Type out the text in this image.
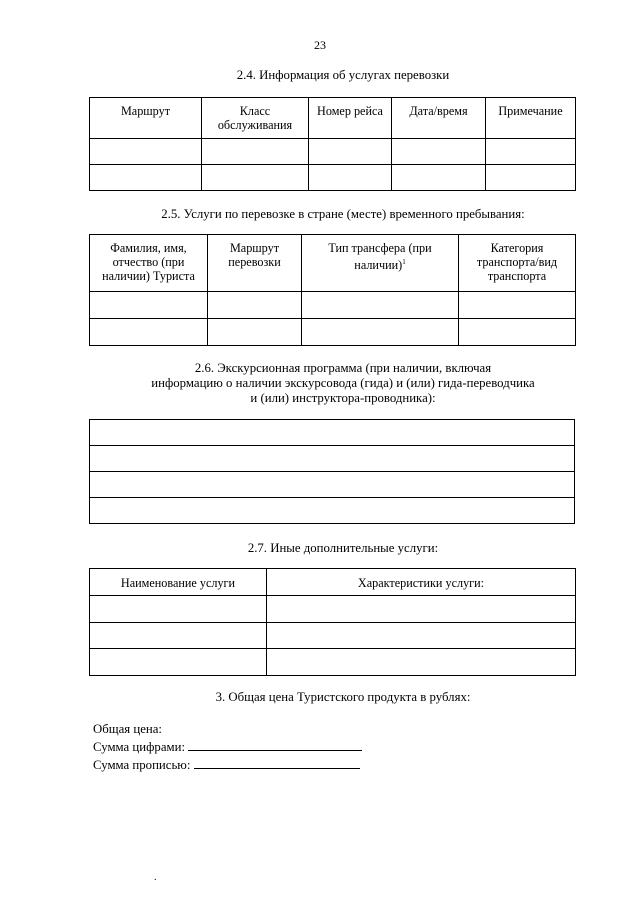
23
2.4. Информация об услугах перевозки
Маршрут	Класс обслуживания	Номер рейса	Дата/время	Примечание

2.5. Услуги по перевозке в стране (месте) временного пребывания:
Фамилия, имя, отчество (при наличии) Туриста	Маршрут перевозки	Тип трансфера (при наличии)$^1$	Категория транспорта/вид транспорта

2.6. Экскурсионная программа (при наличии, включая
информацию о наличии экскурсовода (гида) и (или) гида-переводчика
и (или) инструктора-проводника):

2.7. Иные дополнительные услуги:
Наименование услуги	Характеристики услуги:

3. Общая цена Туристского продукта в рублях:
Общая цена:
Сумма цифрами:
Сумма прописью:
.
